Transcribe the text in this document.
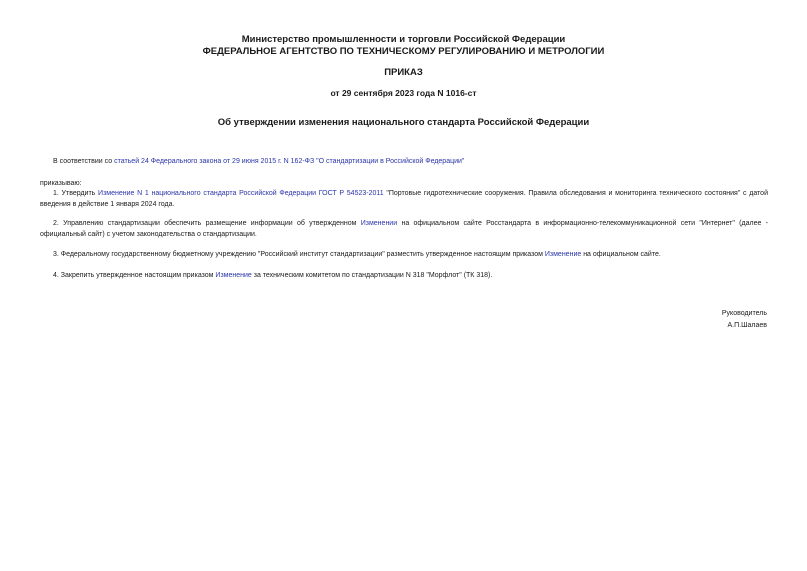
Министерство промышленности и торговли Российской Федерации
ФЕДЕРАЛЬНОЕ АГЕНТСТВО ПО ТЕХНИЧЕСКОМУ РЕГУЛИРОВАНИЮ И МЕТРОЛОГИИ
ПРИКАЗ
от 29 сентября 2023 года N 1016-ст
Об утверждении изменения национального стандарта Российской Федерации
В соответствии со статьей 24 Федерального закона от 29 июня 2015 г. N 162-ФЗ "О стандартизации в Российской Федерации"
приказываю:
1. Утвердить Изменение N 1 национального стандарта Российской Федерации ГОСТ Р 54523-2011 "Портовые гидротехнические сооружения. Правила обследования и мониторинга технического состояния" с датой введения в действие 1 января 2024 года.
2. Управлению стандартизации обеспечить размещение информации об утвержденном Изменении на официальном сайте Росстандарта в информационно-телекоммуникационной сети "Интернет" (далее - официальный сайт) с учетом законодательства о стандартизации.
3. Федеральному государственному бюджетному учреждению "Российский институт стандартизации" разместить утвержденное настоящим приказом Изменение на официальном сайте.
4. Закрепить утвержденное настоящим приказом Изменение за техническим комитетом по стандартизации N 318 "Морфлот" (ТК 318).
Руководитель
А.П.Шалаев
